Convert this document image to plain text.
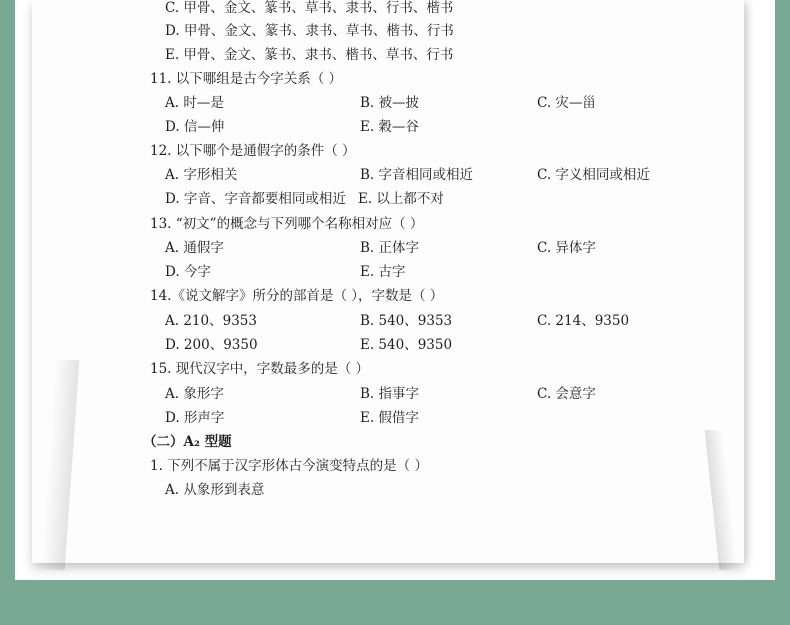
C. 甲骨、金文、篆书、草书、隶书、行书、楷书
D. 甲骨、金文、篆书、隶书、草书、楷书、行书
E. 甲骨、金文、篆书、隶书、楷书、草书、行书
11. 以下哪组是古今字关系（ ）
A. 时—是	B. 被—披	C. 灾—甾
D. 信—伸	E. 穀—谷
12. 以下哪个是通假字的条件（ ）
A. 字形相关	B. 字音相同或相近	C. 字义相同或相近
D. 字音、字音都要相同或相近 E. 以上都不对
13. “初文”的概念与下列哪个名称相对应（ ）
A. 通假字	B. 正体字	C. 异体字
D. 今字	E. 古字
14.《说文解字》所分的部首是（ ），字数是（ ）
A. 210、9353	B. 540、9353	C. 214、9350
D. 200、9350	E. 540、9350
15. 现代汉字中，字数最多的是（ ）
A. 象形字	B. 指事字	C. 会意字
D. 形声字	E. 假借字
（二）A₂ 型题
1. 下列不属于汉字形体古今演变特点的是（ ）
A. 从象形到表意
